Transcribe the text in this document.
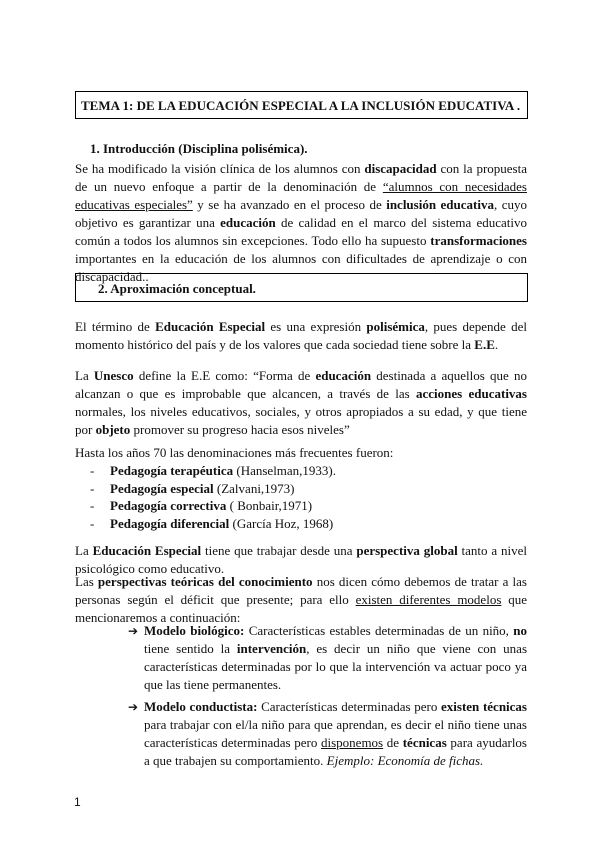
TEMA 1: DE LA EDUCACIÓN ESPECIAL A LA INCLUSIÓN EDUCATIVA .
1. Introducción (Disciplina polisémica).
Se ha modificado la visión clínica de los alumnos con discapacidad con la propuesta de un nuevo enfoque a partir de la denominación de “alumnos con necesidades educativas especiales” y se ha avanzado en el proceso de inclusión educativa, cuyo objetivo es garantizar una educación de calidad en el marco del sistema educativo común a todos los alumnos sin excepciones. Todo ello ha supuesto transformaciones importantes en la educación de los alumnos con dificultades de aprendizaje o con discapacidad..
2. Aproximación conceptual.
El término de Educación Especial es una expresión polisémica, pues depende del momento histórico del país y de los valores que cada sociedad tiene sobre la E.E.
La Unesco define la E.E como: “Forma de educación destinada a aquellos que no alcanzan o que es improbable que alcancen, a través de las acciones educativas normales, los niveles educativos, sociales, y otros apropiados a su edad, y que tiene por objeto promover su progreso hacia esos niveles”
Hasta los años 70 las denominaciones más frecuentes fueron:
-	Pedagogía terapéutica (Hanselman,1933).
-	Pedagogía especial (Zalvani,1973)
-	Pedagogía correctiva ( Bonbair,1971)
-	Pedagogía diferencial (García Hoz, 1968)
La Educación Especial tiene que trabajar desde una perspectiva global tanto a nivel psicológico como educativo.
Las perspectivas teóricas del conocimiento nos dicen cómo debemos de tratar a las personas según el déficit que presente; para ello existen diferentes modelos que mencionaremos a continuación:
➔ Modelo biológico: Características estables determinadas de un niño, no tiene sentido la intervención, es decir un niño que viene con unas características determinadas por lo que la intervención va actuar poco ya que las tiene permanentes.
➔ Modelo conductista: Características determinadas pero existen técnicas para trabajar con el/la niño para que aprendan, es decir el niño tiene unas características determinadas pero disponemos de técnicas para ayudarlos a que trabajen su comportamiento. Ejemplo: Economía de fichas.
1
